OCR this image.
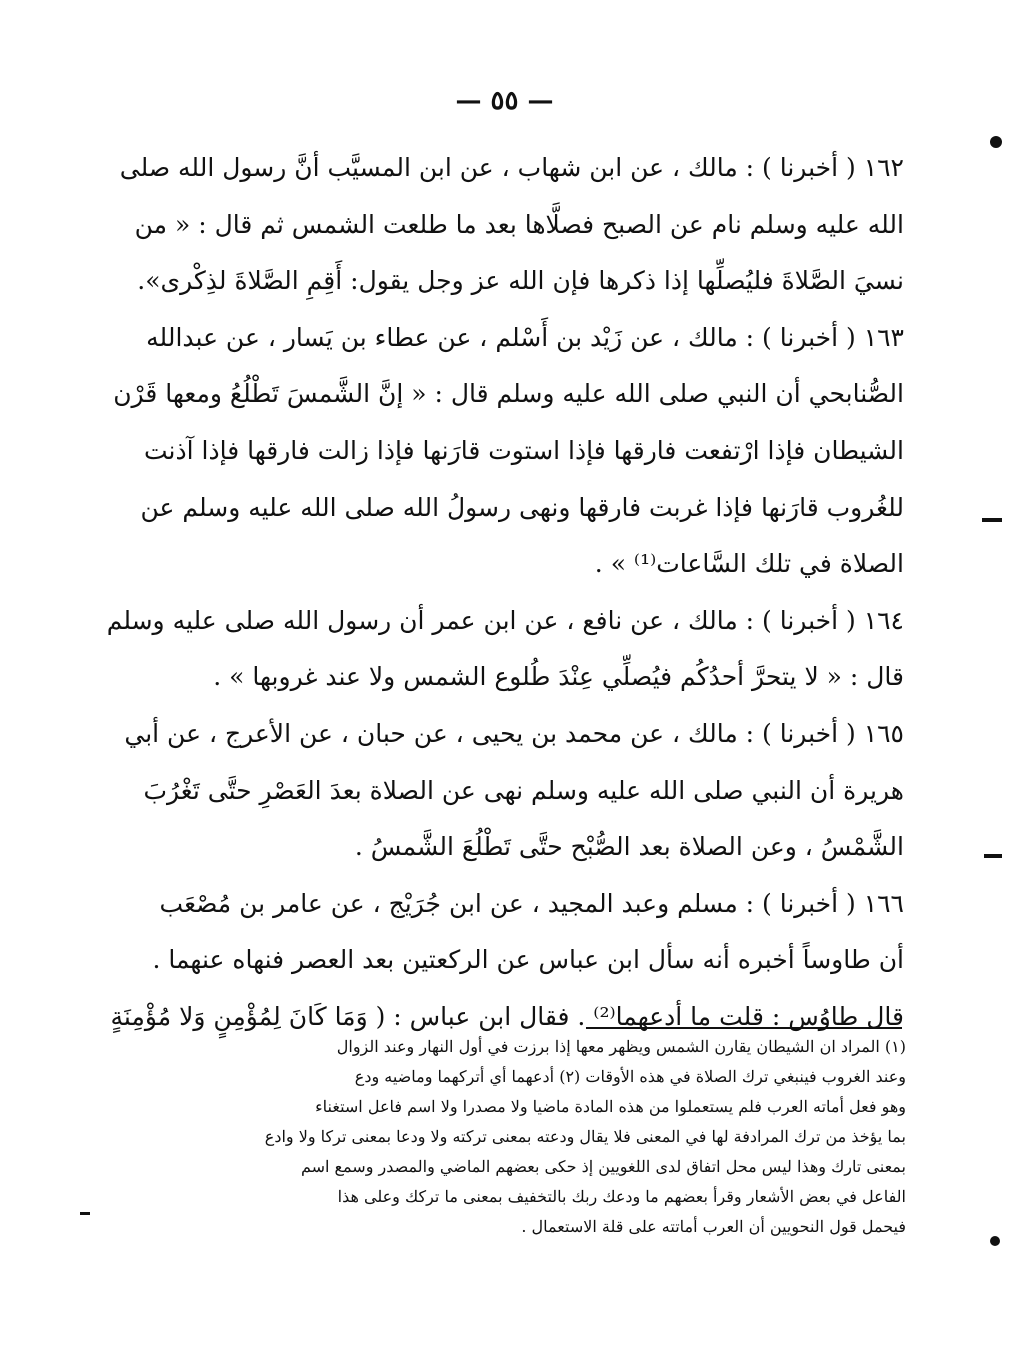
— ٥٥ —
١٦٢ ( أخبرنا ) : مالك ، عن ابن شهاب ، عن ابن المسيَّب أنَّ رسول الله صلى
الله عليه وسلم نام عن الصبح فصلَّاها بعد ما طلعت الشمس ثم قال : « من
نسيَ الصَّلاةَ فليُصلِّها إذا ذكرها فإن الله عز وجل يقول: أَقِمِ الصَّلاةَ لذِكْرى».
١٦٣ ( أخبرنا ) : مالك ، عن زَيْد بن أَسْلم ، عن عطاء بن يَسار ، عن عبدالله
الصُّنابحي أن النبي صلى الله عليه وسلم قال : « إنَّ الشَّمسَ تَطْلُعُ ومعها قَرْن
الشيطان فإذا ارْتفعت فارقها فإذا استوت قارَنها فإذا زالت فارقها فإذا آذنت
للغُروب قارَنها فإذا غربت فارقها ونهى رسولُ الله صلى الله عليه وسلم عن
الصلاة في تلك السَّاعات⁽¹⁾ » .
١٦٤ ( أخبرنا ) : مالك ، عن نافع ، عن ابن عمر أن رسول الله صلى عليه وسلم
قال : « لا يتحرَّ أحدُكُم فيُصلِّي عِنْدَ طُلوع الشمس ولا عند غروبها » .
١٦٥ ( أخبرنا ) : مالك ، عن محمد بن يحيى ، عن حبان ، عن الأعرج ، عن أبي
هريرة أن النبي صلى الله عليه وسلم نهى عن الصلاة بعدَ العَصْرِ حتَّى تَغْرُبَ
الشَّمْسُ ، وعن الصلاة بعد الصُّبْح حتَّى تَطْلُعَ الشَّمسُ .
١٦٦ ( أخبرنا ) : مسلم وعبد المجيد ، عن ابن جُرَيْج ، عن عامر بن مُصْعَب
أن طاوساً أخبره أنه سأل ابن عباس عن الركعتين بعد العصر فنهاه عنهما .
قال طاوُس : قلت ما أدعهما⁽²⁾ . فقال ابن عباس : ( وَمَا كَانَ لِمُؤْمِنٍ وَلا مُؤْمِنَةٍ
(١) المراد ان الشيطان يقارن الشمس ويظهر معها إذا برزت في أول النهار وعند الزوال
وعند الغروب فينبغي ترك الصلاة في هذه الأوقات (٢) أدعهما أي أتركهما وماضيه ودع
وهو فعل أماته العرب فلم يستعملوا من هذه المادة ماضيا ولا مصدرا ولا اسم فاعل استغناء
بما يؤخذ من ترك المرادفة لها في المعنى فلا يقال ودعته بمعنى تركته ولا ودعا بمعنى تركا ولا وادع
بمعنى تارك وهذا ليس محل اتفاق لدى اللغويين إذ حكى بعضهم الماضي والمصدر وسمع اسم
الفاعل في بعض الأشعار وقرأ بعضهم ما ودعك ربك بالتخفيف بمعنى ما تركك وعلى هذا
فيحمل قول النحويين أن العرب أماتته على قلة الاستعمال .
